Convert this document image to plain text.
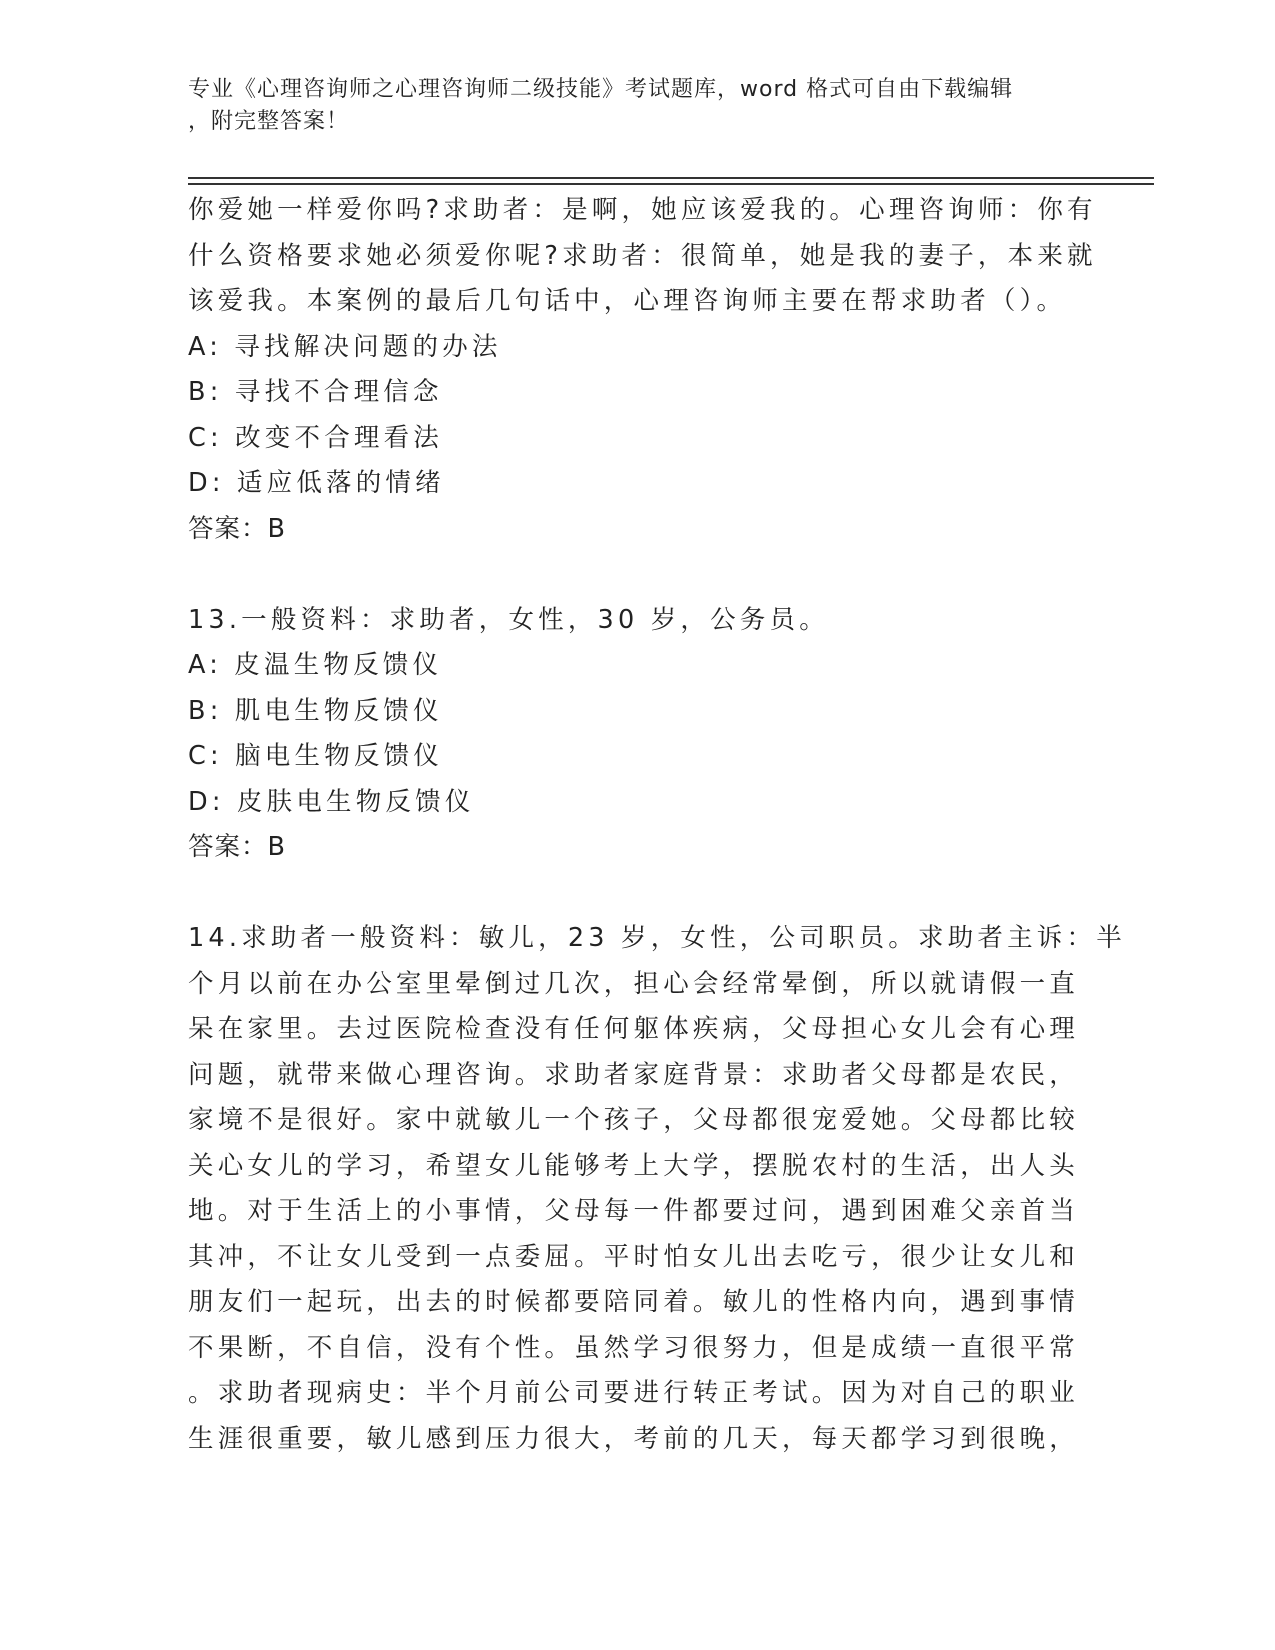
专业《心理咨询师之心理咨询师二级技能》考试题库，word 格式可自由下载编辑
，附完整答案！
你爱她一样爱你吗?求助者：是啊，她应该爱我的。心理咨询师：你有
什么资格要求她必须爱你呢?求助者：很简单，她是我的妻子，本来就
该爱我。本案例的最后几句话中，心理咨询师主要在帮求助者（）。
A: 寻找解决问题的办法
B: 寻找不合理信念
C: 改变不合理看法
D: 适应低落的情绪
答案：B
13.一般资料：求助者，女性，30 岁，公务员。
A: 皮温生物反馈仪
B: 肌电生物反馈仪
C: 脑电生物反馈仪
D: 皮肤电生物反馈仪
答案：B
14.求助者一般资料：敏儿，23 岁，女性，公司职员。求助者主诉：半
个月以前在办公室里晕倒过几次，担心会经常晕倒，所以就请假一直
呆在家里。去过医院检查没有任何躯体疾病，父母担心女儿会有心理
问题，就带来做心理咨询。求助者家庭背景：求助者父母都是农民，
家境不是很好。家中就敏儿一个孩子，父母都很宠爱她。父母都比较
关心女儿的学习，希望女儿能够考上大学，摆脱农村的生活，出人头
地。对于生活上的小事情，父母每一件都要过问，遇到困难父亲首当
其冲，不让女儿受到一点委屈。平时怕女儿出去吃亏，很少让女儿和
朋友们一起玩，出去的时候都要陪同着。敏儿的性格内向，遇到事情
不果断，不自信，没有个性。虽然学习很努力，但是成绩一直很平常
。求助者现病史：半个月前公司要进行转正考试。因为对自己的职业
生涯很重要，敏儿感到压力很大，考前的几天，每天都学习到很晚，
